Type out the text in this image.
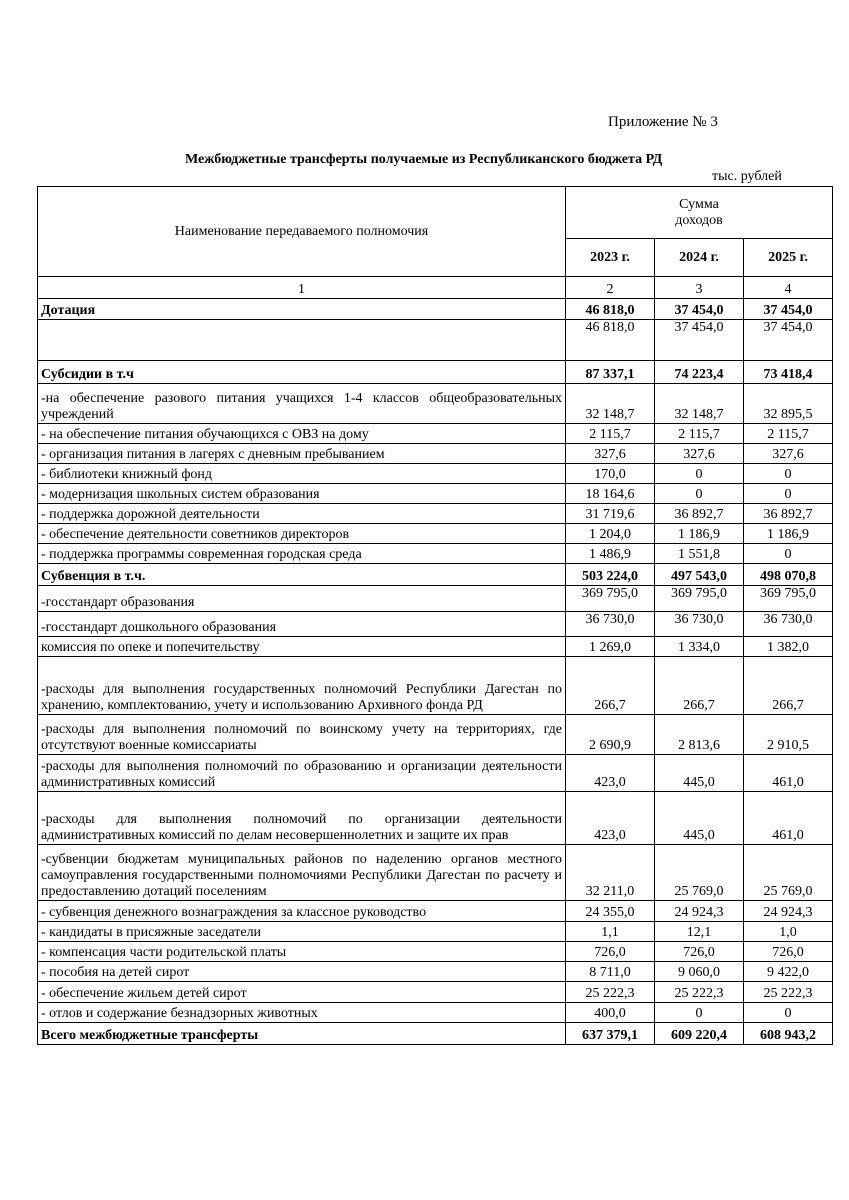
Приложение № 3
Межбюджетные трансферты получаемые из Республиканского бюджета РД
тыс. рублей
Наименование передаваемого полномочия	Сумма
доходов		

	2023 г.	2024 г.	2025 г.
1	2	3	4
Дотация	46 818,0	37 454,0	37 454,0
	46 818,0	37 454,0	37 454,0
Субсидии в т.ч	87 337,1	74 223,4	73 418,4
-на обеспечение разового питания учащихся 1-4 классов общеобразовательных учреждений	32 148,7	32 148,7	32 895,5
- на обеспечение питания обучающихся с ОВЗ на дому	2 115,7	2 115,7	2 115,7
- организация питания в лагерях с дневным пребыванием	327,6	327,6	327,6
- библиотеки книжный фонд	170,0	0	0
- модернизация школьных систем образования	18 164,6	0	0
- поддержка дорожной деятельности	31 719,6	36 892,7	36 892,7
- обеспечение деятельности советников директоров	1 204,0	1 186,9	1 186,9
- поддержка программы современная городская среда	1 486,9	1 551,8	0
Субвенция в т.ч.	503 224,0	497 543,0	498 070,8
-госстандарт образования	369 795,0	369 795,0	369 795,0
-госстандарт дошкольного образования	36 730,0	36 730,0	36 730,0
комиссия по опеке и попечительству	1 269,0	1 334,0	1 382,0
-расходы для выполнения государственных полномочий Республики Дагестан по хранению, комплектованию, учету и использованию Архивного фонда РД	266,7	266,7	266,7
-расходы для выполнения полномочий по воинскому учету на территориях, где отсутствуют военные комиссариаты	2 690,9	2 813,6	2 910,5
-расходы для выполнения полномочий по образованию и организации деятельности административных комиссий	423,0	445,0	461,0
-расходы для выполнения полномочий по организации деятельности административных комиссий по делам несовершеннолетних и защите их прав	423,0	445,0	461,0
-субвенции бюджетам муниципальных районов по наделению органов местного самоуправления государственными полномочиями Республики Дагестан по расчету и предоставлению дотаций поселениям	32 211,0	25 769,0	25 769,0
- субвенция денежного вознаграждения за классное руководство	24 355,0	24 924,3	24 924,3
- кандидаты в присяжные заседатели	1,1	12,1	1,0
- компенсация части родительской платы	726,0	726,0	726,0
- пособия на детей сирот	8 711,0	9 060,0	9 422,0
- обеспечение жильем детей сирот	25 222,3	25 222,3	25 222,3
- отлов и содержание безнадзорных животных	400,0	0	0
Всего межбюджетные трансферты	637 379,1	609 220,4	608 943,2
